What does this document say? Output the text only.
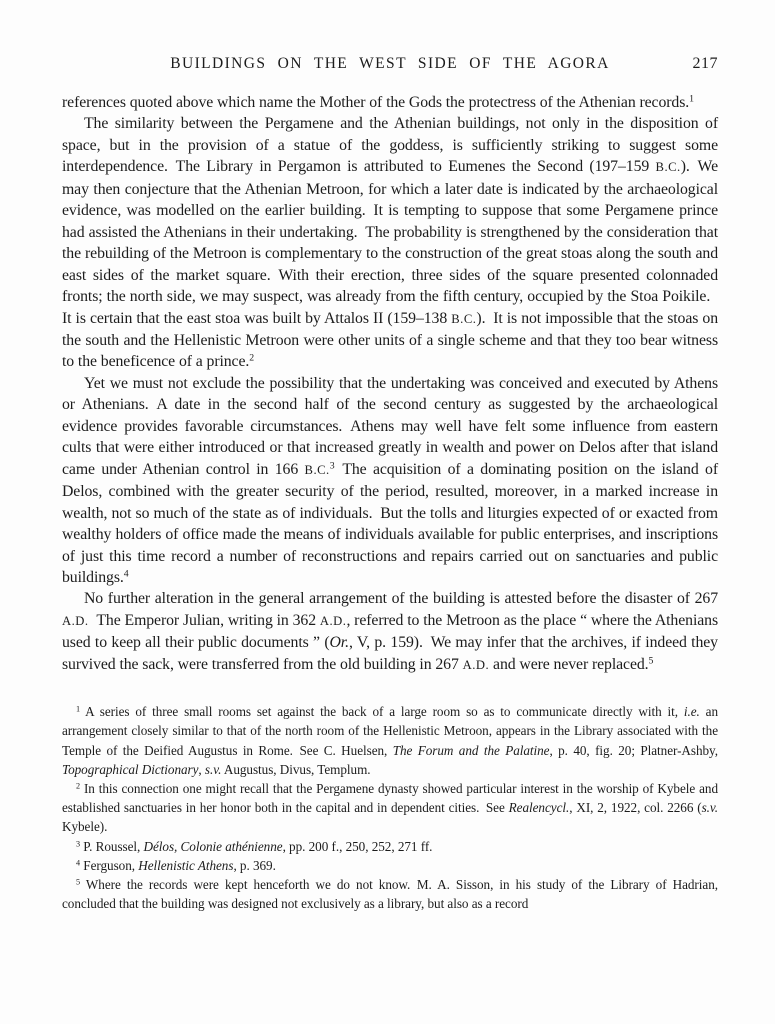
BUILDINGS ON THE WEST SIDE OF THE AGORA	217

references quoted above which name the Mother of the Gods the protectress of the Athenian records.$^1$

The similarity between the Pergamene and the Athenian buildings, not only in the disposition of space, but in the provision of a statue of the goddess, is sufficiently striking to suggest some interdependence. The Library in Pergamon is attributed to Eumenes the Second (197–159 B.C.). We may then conjecture that the Athenian Metroon, for which a later date is indicated by the archaeological evidence, was modelled on the earlier building. It is tempting to suppose that some Pergamene prince had assisted the Athenians in their undertaking. The probability is strengthened by the consideration that the rebuilding of the Metroon is complementary to the construction of the great stoas along the south and east sides of the market square. With their erection, three sides of the square presented colonnaded fronts; the north side, we may suspect, was already from the fifth century, occupied by the Stoa Poikile. It is certain that the east stoa was built by Attalos II (159–138 B.C.). It is not impossible that the stoas on the south and the Hellenistic Metroon were other units of a single scheme and that they too bear witness to the beneficence of a prince.$^2$

Yet we must not exclude the possibility that the undertaking was conceived and executed by Athens or Athenians. A date in the second half of the second century as suggested by the archaeological evidence provides favorable circumstances. Athens may well have felt some influence from eastern cults that were either introduced or that increased greatly in wealth and power on Delos after that island came under Athenian control in 166 B.C.$^3$ The acquisition of a dominating position on the island of Delos, combined with the greater security of the period, resulted, moreover, in a marked increase in wealth, not so much of the state as of individuals. But the tolls and liturgies expected of or exacted from wealthy holders of office made the means of individuals available for public enterprises, and inscriptions of just this time record a number of reconstructions and repairs carried out on sanctuaries and public buildings.$^4$

No further alteration in the general arrangement of the building is attested before the disaster of 267 A.D. The Emperor Julian, writing in 362 A.D., referred to the Metroon as the place “ where the Athenians used to keep all their public documents ” (Or., V, p. 159). We may infer that the archives, if indeed they survived the sack, were transferred from the old building in 267 A.D. and were never replaced.$^5$

$^1$ A series of three small rooms set against the back of a large room so as to communicate directly with it, i.e. an arrangement closely similar to that of the north room of the Hellenistic Metroon, appears in the Library associated with the Temple of the Deified Augustus in Rome. See C. Huelsen, The Forum and the Palatine, p. 40, fig. 20; Platner-Ashby, Topographical Dictionary, s.v. Augustus, Divus, Templum.

$^2$ In this connection one might recall that the Pergamene dynasty showed particular interest in the worship of Kybele and established sanctuaries in her honor both in the capital and in dependent cities. See Realencycl., XI, 2, 1922, col. 2266 (s.v. Kybele).

$^3$ P. Roussel, Délos, Colonie athénienne, pp. 200 f., 250, 252, 271 ff.

$^4$ Ferguson, Hellenistic Athens, p. 369.

$^5$ Where the records were kept henceforth we do not know. M. A. Sisson, in his study of the Library of Hadrian, concluded that the building was designed not exclusively as a library, but also as a record
